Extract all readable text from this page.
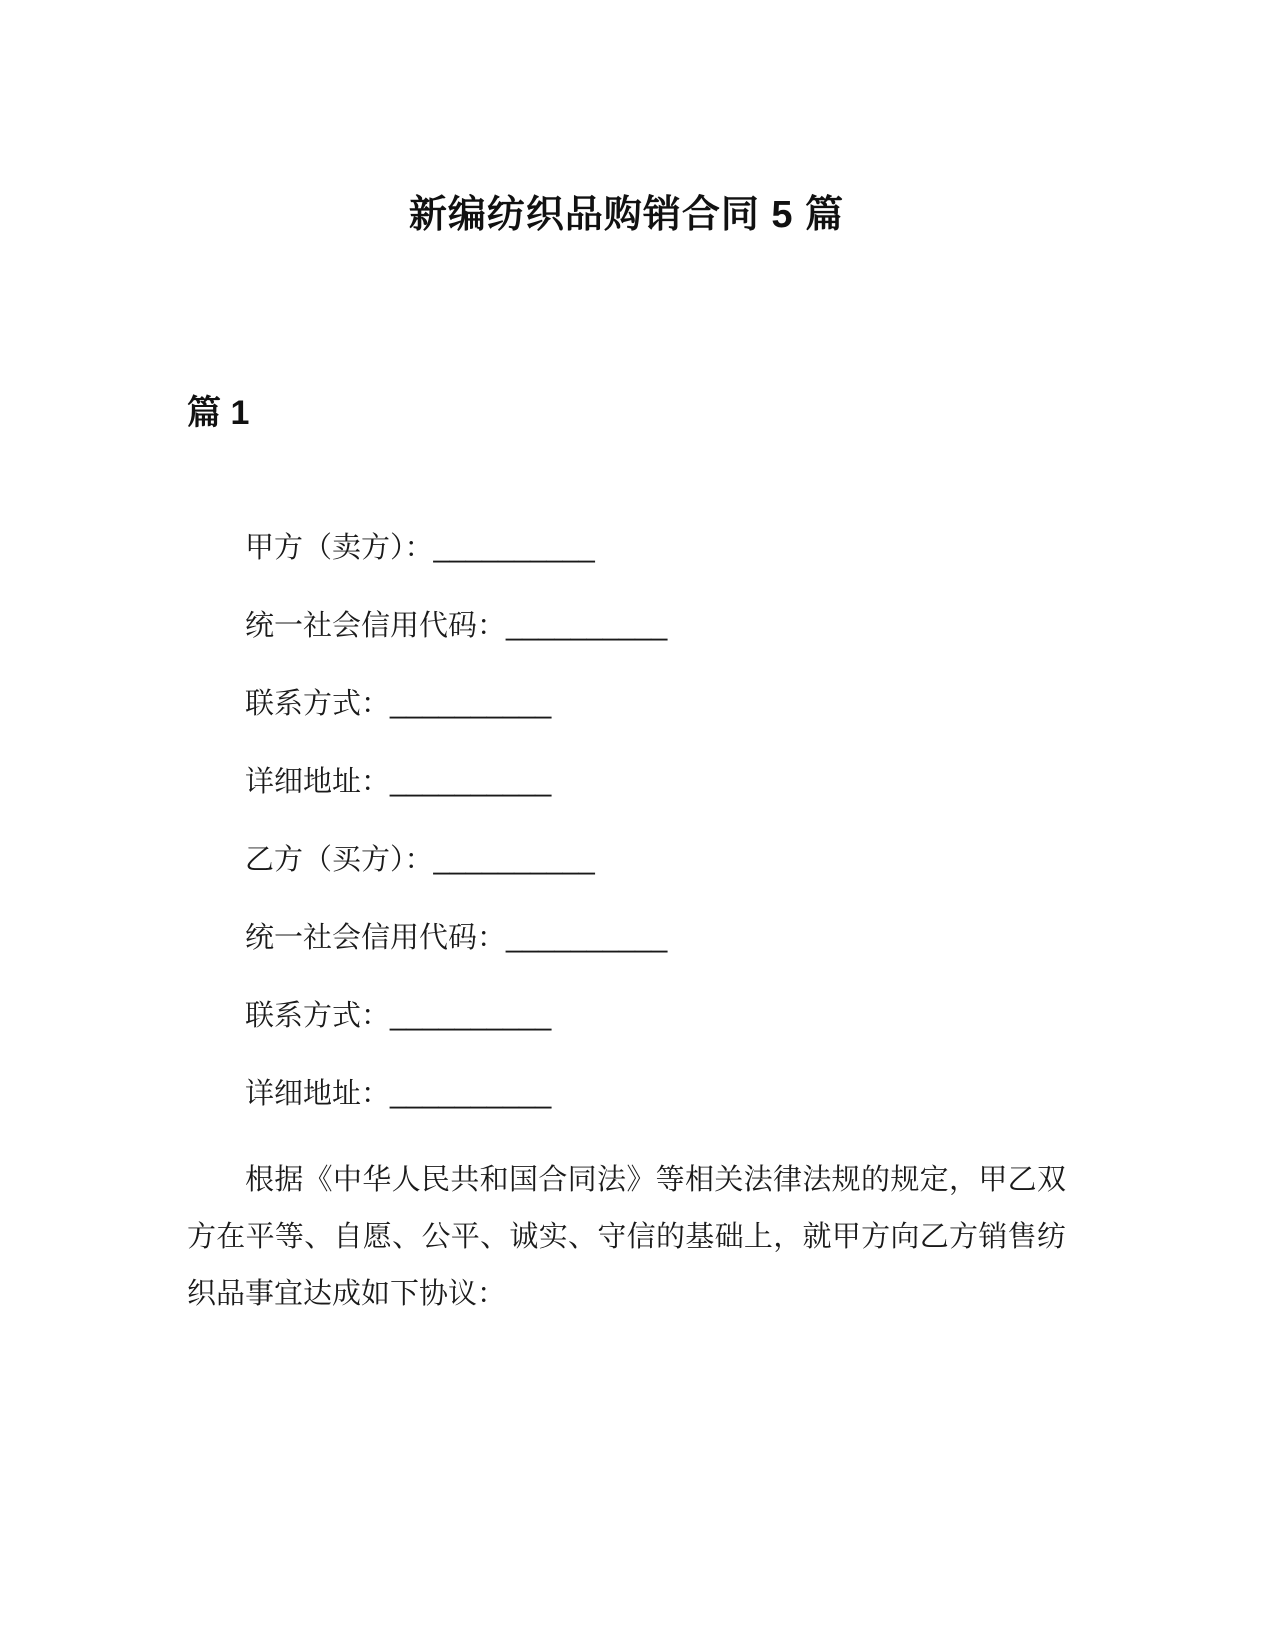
新编纺织品购销合同 5 篇
篇 1

甲方（卖方）：__________

统一社会信用代码：__________

联系方式：__________

详细地址：__________

乙方（买方）：__________

统一社会信用代码：__________

联系方式：__________

详细地址：__________

根据《中华人民共和国合同法》等相关法律法规的规定，甲乙双方在平等、自愿、公平、诚实、守信的基础上，就甲方向乙方销售纺织品事宜达成如下协议：
